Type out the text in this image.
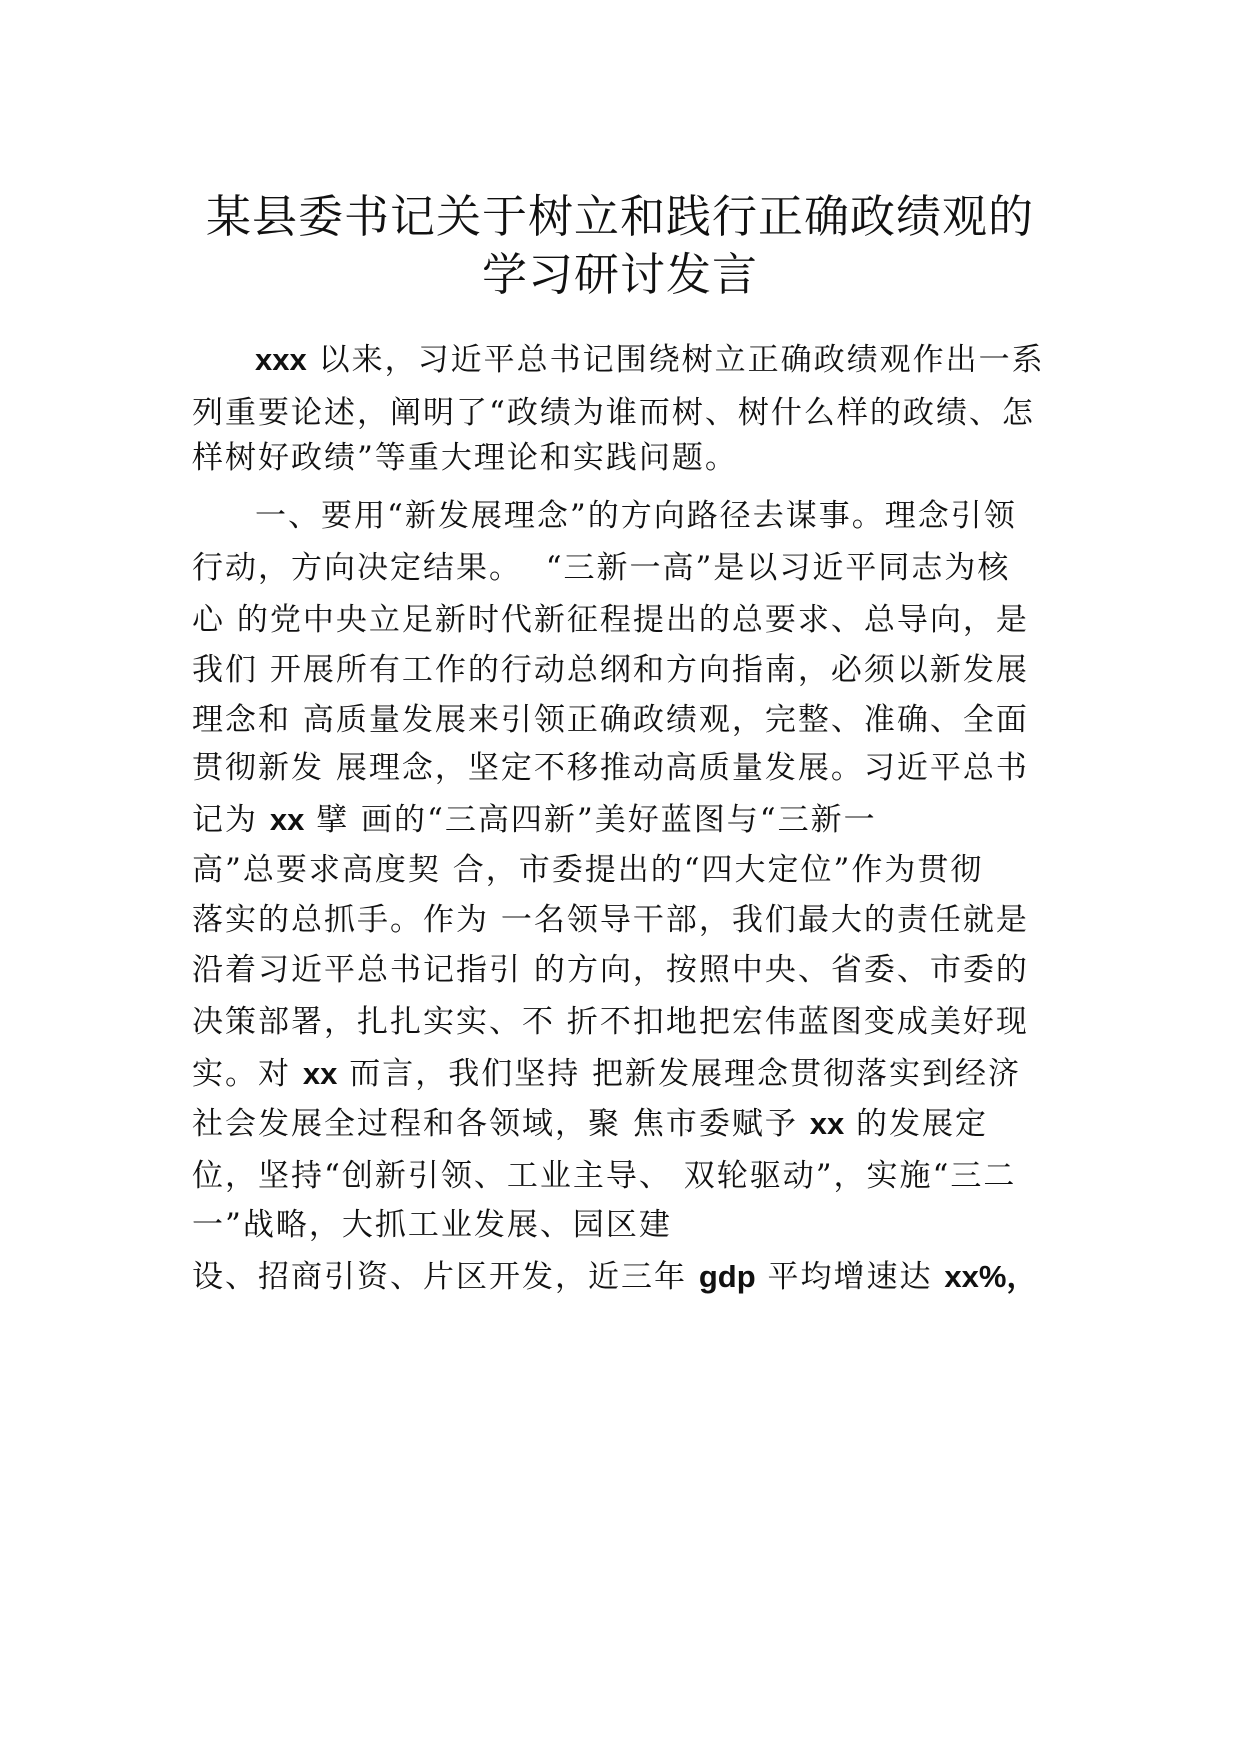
某县委书记关于树立和践行正确政绩观的
学习研讨发言
xxx 以来，习近平总书记围绕树立正确政绩观作出一系
列重要论述，阐明了“政绩为谁而树、树什么样的政绩、怎
样树好政绩”等重大理论和实践问题。
一、要用“新发展理念”的方向路径去谋事。理念引领
行动，方向决定结果。  “三新一高”是以习近平同志为核
心 的党中央立足新时代新征程提出的总要求、总导向，是
我们 开展所有工作的行动总纲和方向指南，必须以新发展
理念和 高质量发展来引领正确政绩观，完整、准确、全面
贯彻新发 展理念，坚定不移推动高质量发展。习近平总书
记为 xx 擘 画的“三高四新”美好蓝图与“三新一
高”总要求高度契 合，市委提出的“四大定位”作为贯彻
落实的总抓手。作为 一名领导干部，我们最大的责任就是
沿着习近平总书记指引 的方向，按照中央、省委、市委的
决策部署，扎扎实实、不 折不扣地把宏伟蓝图变成美好现
实。对 xx 而言，我们坚持 把新发展理念贯彻落实到经济
社会发展全过程和各领域，聚 焦市委赋予 xx 的发展定
位，坚持“创新引领、工业主导、 双轮驱动”，实施“三二
一”战略，大抓工业发展、园区建
设、招商引资、片区开发，近三年 gdp 平均增速达 xx%，
